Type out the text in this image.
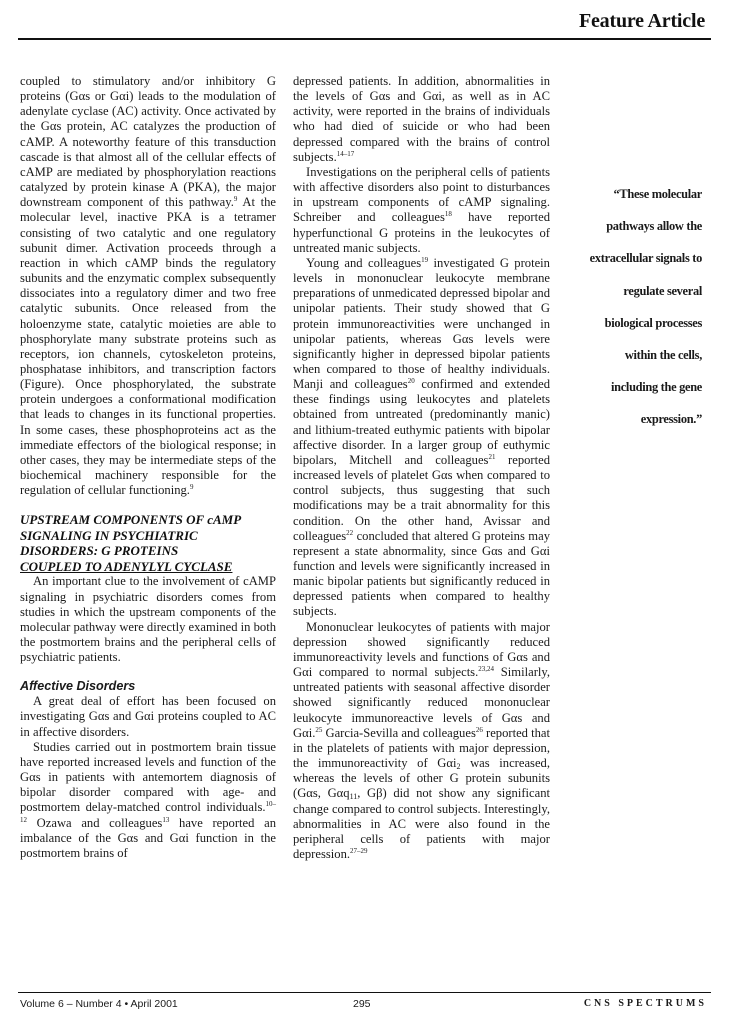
Feature Article

coupled to stimulatory and/or inhibitory G proteins (Gαs or Gαi) leads to the modulation of adenylate cyclase (AC) activity. Once activated by the Gαs protein, AC catalyzes the production of cAMP. A noteworthy feature of this transduction cascade is that almost all of the cellular effects of cAMP are mediated by phosphorylation reactions catalyzed by protein kinase A (PKA), the major downstream component of this pathway.$^9$ At the molecular level, inactive PKA is a tetramer consisting of two catalytic and one regulatory subunit dimer. Activation proceeds through a reaction in which cAMP binds the regulatory subunits and the enzymatic complex subsequently dissociates into a regulatory dimer and two free catalytic subunits. Once released from the holoenzyme state, catalytic moieties are able to phosphorylate many substrate proteins such as receptors, ion channels, cytoskeleton proteins, phosphatase inhibitors, and transcription factors (Figure). Once phosphorylated, the substrate protein undergoes a conformational modification that leads to changes in its functional properties. In some cases, these phosphoproteins act as the immediate effectors of the biological response; in other cases, they may be intermediate steps of the biochemical machinery responsible for the regulation of cellular functioning.$^9$

UPSTREAM COMPONENTS OF cAMP SIGNALING IN PSYCHIATRIC DISORDERS: G PROTEINS
COUPLED TO ADENYLYL CYCLASE

An important clue to the involvement of cAMP signaling in psychiatric disorders comes from studies in which the upstream components of the molecular pathway were directly examined in both the postmortem brains and the peripheral cells of psychiatric patients.

Affective Disorders

A great deal of effort has been focused on investigating Gαs and Gαi proteins coupled to AC in affective disorders.

Studies carried out in postmortem brain tissue have reported increased levels and function of the Gαs in patients with antemortem diagnosis of bipolar disorder compared with age- and postmortem delay-matched control individuals.$^{10-12}$ Ozawa and colleagues$^{13}$ have reported an imbalance of the Gαs and Gαi function in the postmortem brains of

depressed patients. In addition, abnormalities in the levels of Gαs and Gαi, as well as in AC activity, were reported in the brains of individuals who had died of suicide or who had been depressed compared with the brains of control subjects.$^{14-17}$

Investigations on the peripheral cells of patients with affective disorders also point to disturbances in upstream components of cAMP signaling. Schreiber and colleagues$^{18}$ have reported hyperfunctional G proteins in the leukocytes of untreated manic subjects.

Young and colleagues$^{19}$ investigated G protein levels in mononuclear leukocyte membrane preparations of unmedicated depressed bipolar and unipolar patients. Their study showed that G protein immunoreactivities were unchanged in unipolar patients, whereas Gαs levels were significantly higher in depressed bipolar patients when compared to those of healthy individuals. Manji and colleagues$^{20}$ confirmed and extended these findings using leukocytes and platelets obtained from untreated (predominantly manic) and lithium-treated euthymic patients with bipolar affective disorder. In a larger group of euthymic bipolars, Mitchell and colleagues$^{21}$ reported increased levels of platelet Gαs when compared to control subjects, thus suggesting that such modifications may be a trait abnormality for this condition. On the other hand, Avissar and colleagues$^{22}$ concluded that altered G proteins may represent a state abnormality, since Gαs and Gαi function and levels were significantly increased in manic bipolar patients but significantly reduced in depressed patients when compared to healthy subjects.

Mononuclear leukocytes of patients with major depression showed significantly reduced immunoreactivity levels and functions of Gαs and Gαi compared to normal subjects.$^{23,24}$ Similarly, untreated patients with seasonal affective disorder showed significantly reduced mononuclear leukocyte immunoreactive levels of Gαs and Gαi.$^{25}$ Garcia-Sevilla and colleagues$^{26}$ reported that in the platelets of patients with major depression, the immunoreactivity of Gαi$_2$ was increased, whereas the levels of other G protein subunits (Gαs, Gαq$_{11}$, Gβ) did not show any significant change compared to control subjects. Interestingly, abnormalities in AC were also found in the peripheral cells of patients with major depression.$^{27-29}$

“These molecular
pathways allow the
extracellular signals to
regulate several
biological processes
within the cells,
including the gene
expression.”
Volume 6 – Number 4 • April 2001	295	CNS SPECTRUMS
